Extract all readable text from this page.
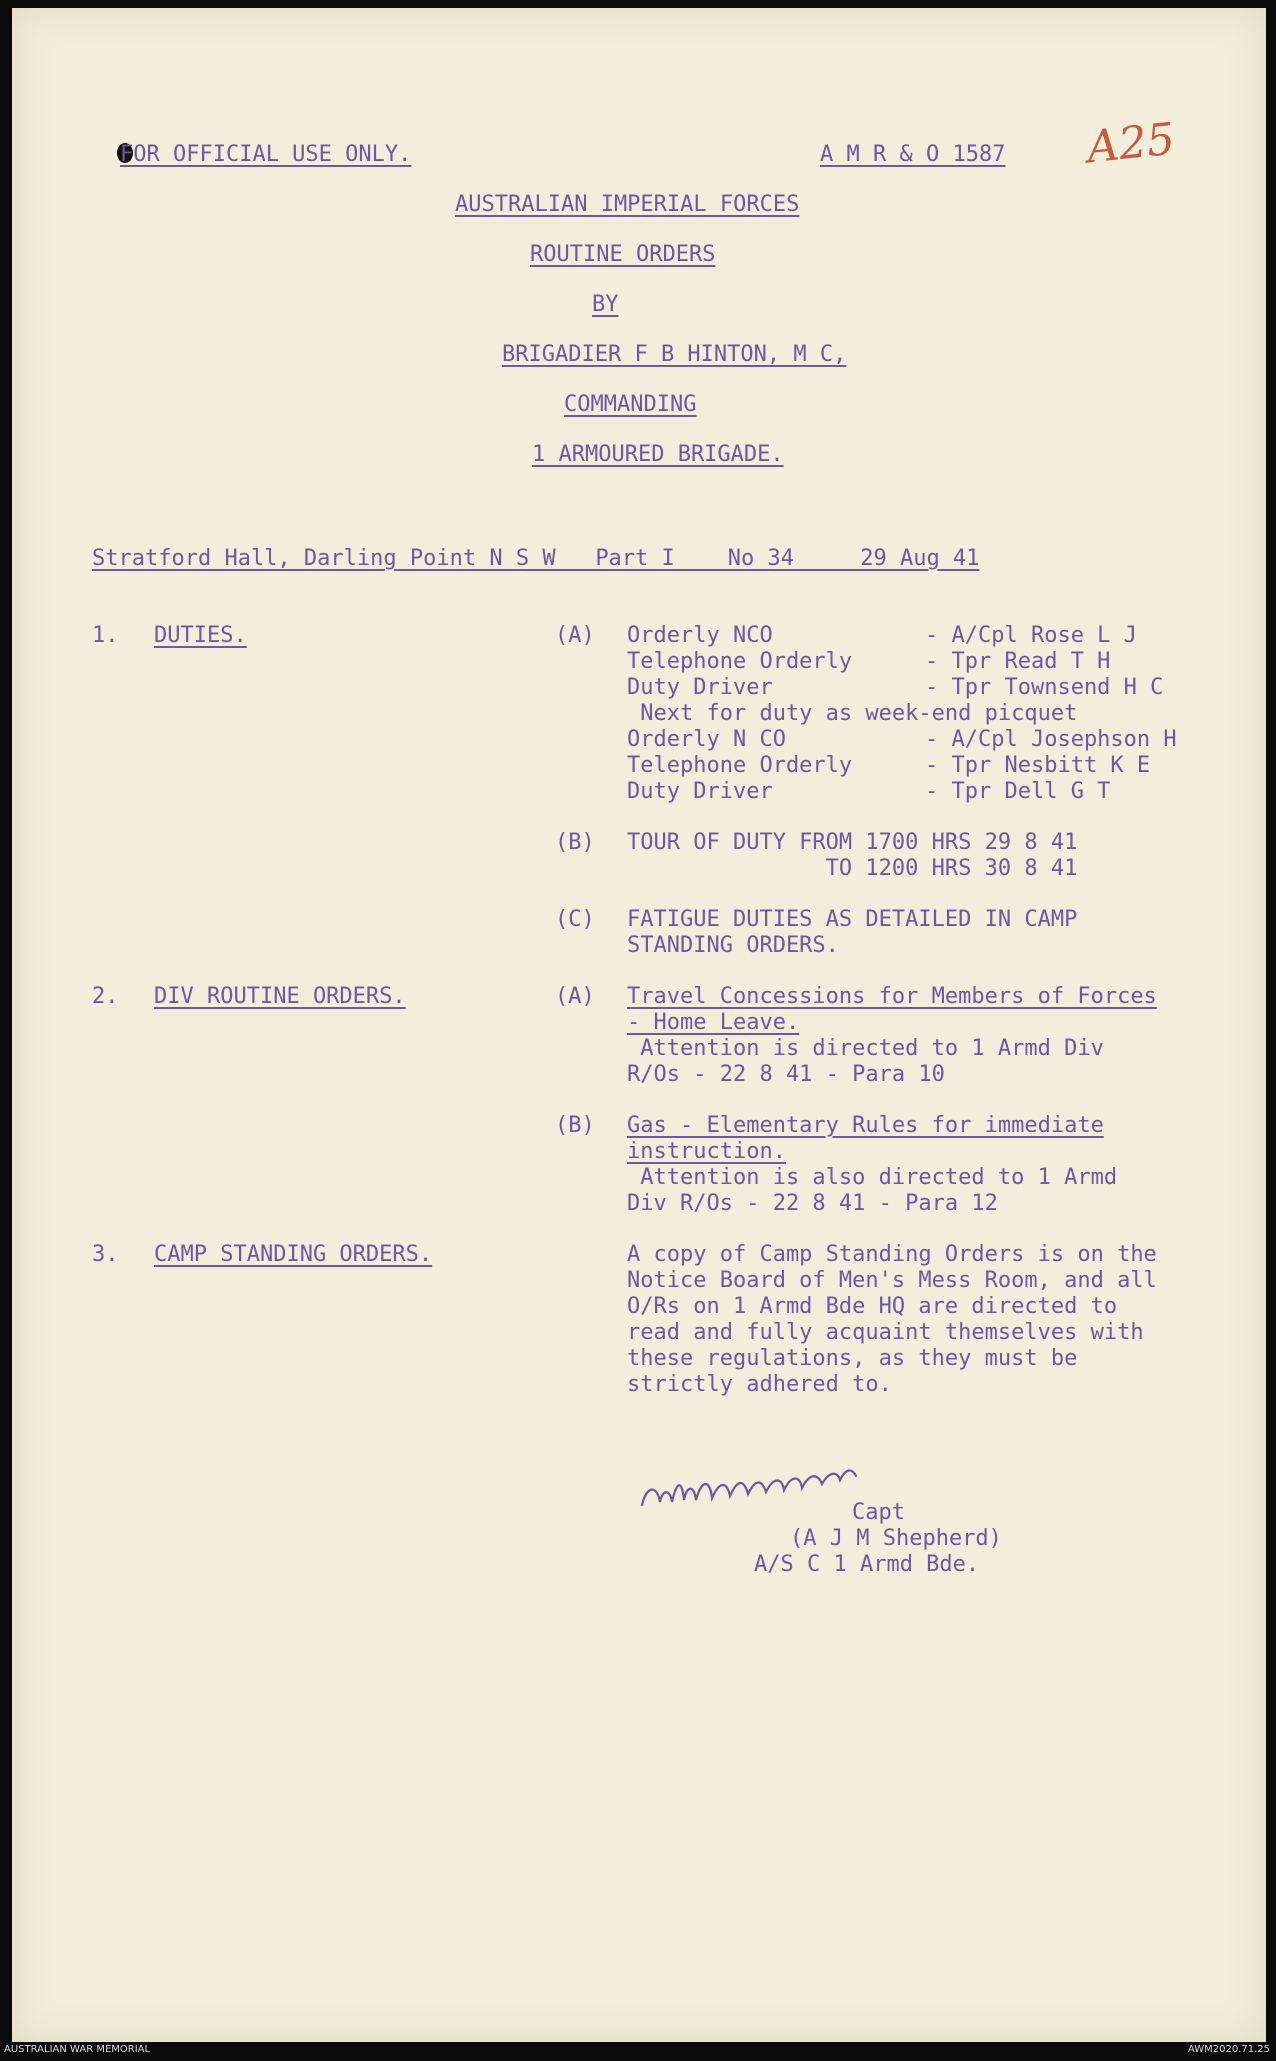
FOR OFFICIAL USE ONLY.	A M R & O 1587 A25
AUSTRALIAN IMPERIAL FORCES
ROUTINE ORDERS
BY
BRIGADIER F B HINTON, M C,
COMMANDING
1 ARMOURED BRIGADE.
Stratford Hall, Darling Point N S W   Part I    No 34     29 Aug 41
1. DUTIES.	(A) Orderly NCO	- A/Cpl Rose L J
Telephone Orderly	- Tpr Read T H
Duty Driver	- Tpr Townsend H C
Next for duty as week-end picquet
Orderly N CO	- A/Cpl Josephson H
Telephone Orderly	- Tpr Nesbitt K E
Duty Driver	- Tpr Dell G T
(B) TOUR OF DUTY FROM 1700 HRS 29 8 41
TO 1200 HRS 30 8 41
(C) FATIGUE DUTIES AS DETAILED IN CAMP
STANDING ORDERS.
2. DIV ROUTINE ORDERS.	(A) Travel Concessions for Members of Forces
- Home Leave.
Attention is directed to 1 Armd Div
R/Os - 22 8 41 - Para 10
(B) Gas - Elementary Rules for immediate
instruction.
Attention is also directed to 1 Armd
Div R/Os - 22 8 41 - Para 12
3. CAMP STANDING ORDERS.	A copy of Camp Standing Orders is on the
Notice Board of Men's Mess Room, and all
O/Rs on 1 Armd Bde HQ are directed to
read and fully acquaint themselves with
these regulations, as they must be
strictly adhered to.
Capt
(A J M Shepherd)
A/S C 1 Armd Bde.
AUSTRALIAN WAR MEMORIAL	AWM2020.71.25
